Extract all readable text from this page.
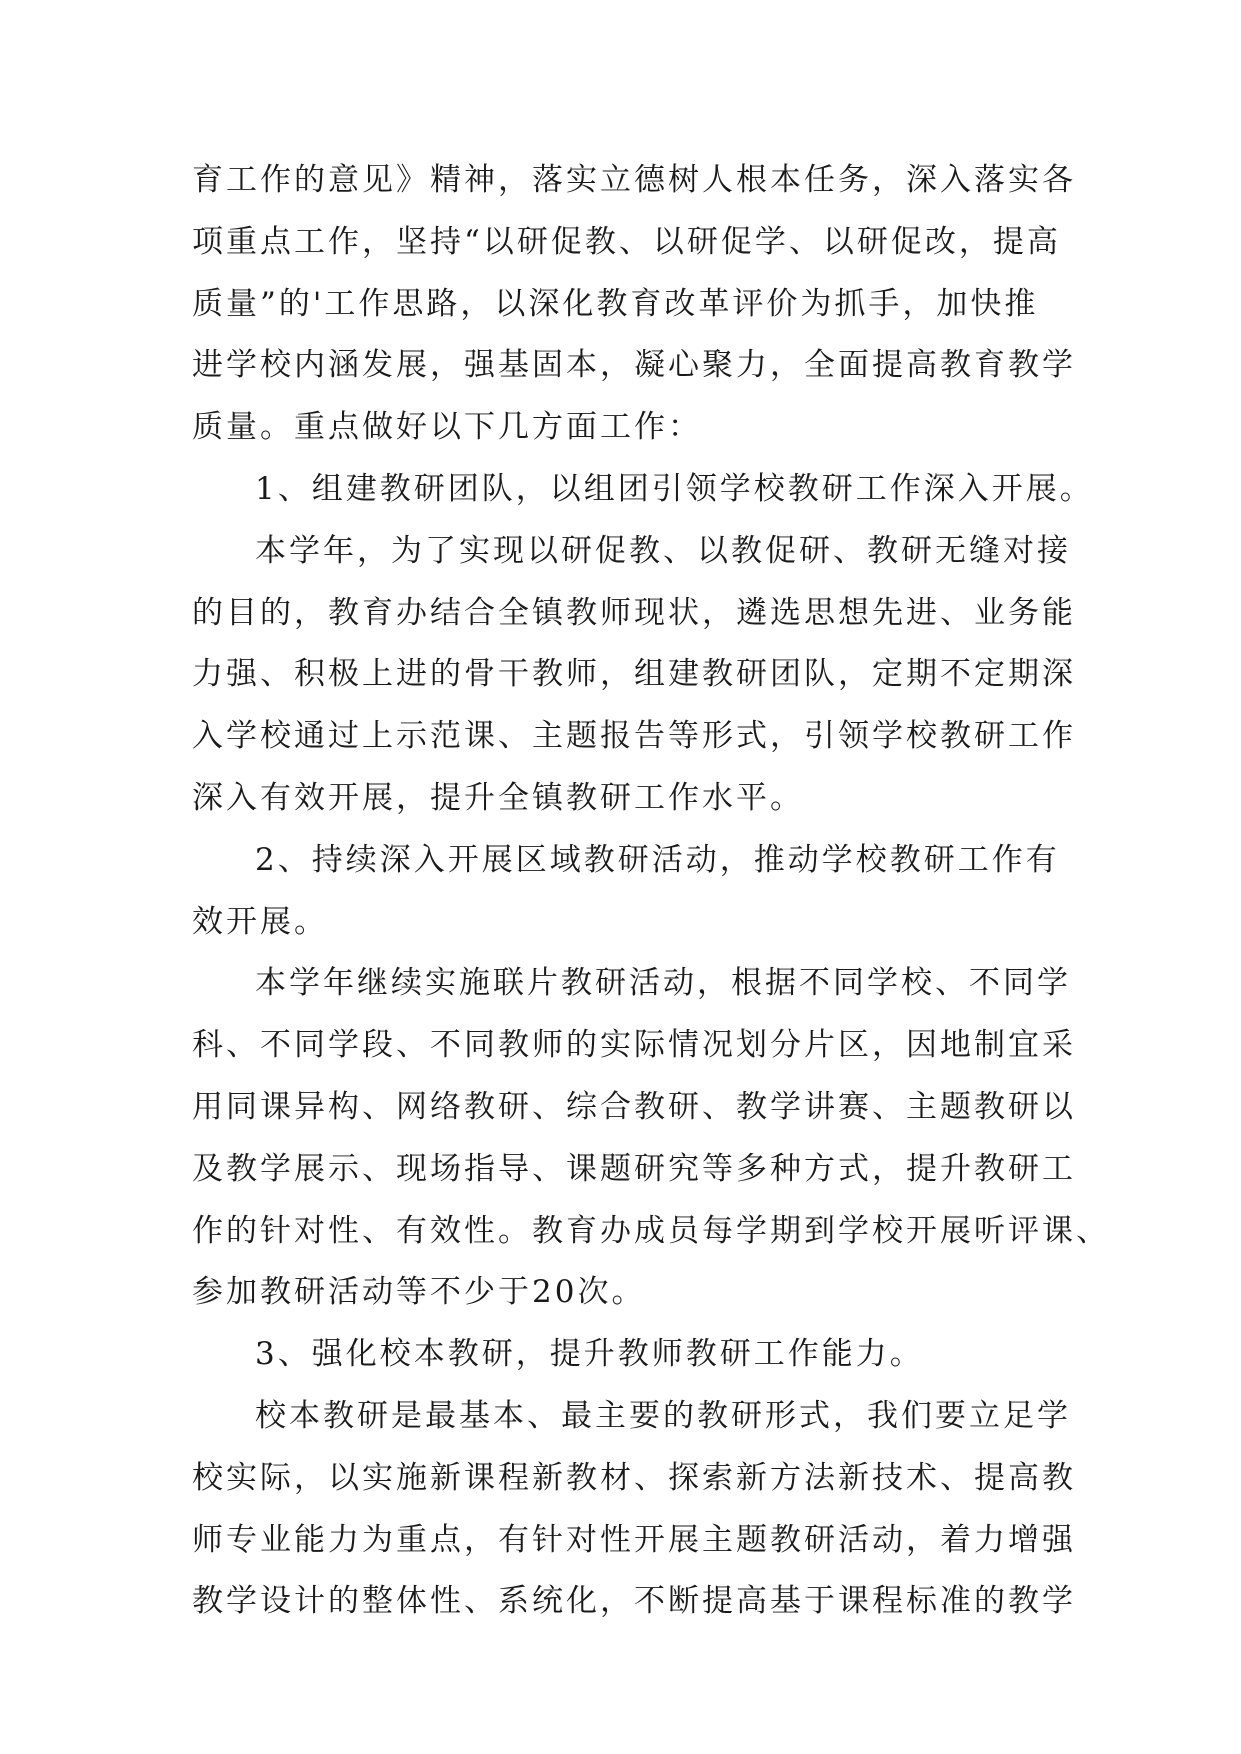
育工作的意见》精神，落实立德树人根本任务，深入落实各
项重点工作，坚持“以研促教、以研促学、以研促改，提高
质量”的'工作思路，以深化教育改革评价为抓手，加快推
进学校内涵发展，强基固本，凝心聚力，全面提高教育教学
质量。重点做好以下几方面工作：
1、组建教研团队，以组团引领学校教研工作深入开展。
本学年，为了实现以研促教、以教促研、教研无缝对接
的目的，教育办结合全镇教师现状，遴选思想先进、业务能
力强、积极上进的骨干教师，组建教研团队，定期不定期深
入学校通过上示范课、主题报告等形式，引领学校教研工作
深入有效开展，提升全镇教研工作水平。
2、持续深入开展区域教研活动，推动学校教研工作有
效开展。
本学年继续实施联片教研活动，根据不同学校、不同学
科、不同学段、不同教师的实际情况划分片区，因地制宜采
用同课异构、网络教研、综合教研、教学讲赛、主题教研以
及教学展示、现场指导、课题研究等多种方式，提升教研工
作的针对性、有效性。教育办成员每学期到学校开展听评课、
参加教研活动等不少于20次。
3、强化校本教研，提升教师教研工作能力。
校本教研是最基本、最主要的教研形式，我们要立足学
校实际，以实施新课程新教材、探索新方法新技术、提高教
师专业能力为重点，有针对性开展主题教研活动，着力增强
教学设计的整体性、系统化，不断提高基于课程标准的教学
